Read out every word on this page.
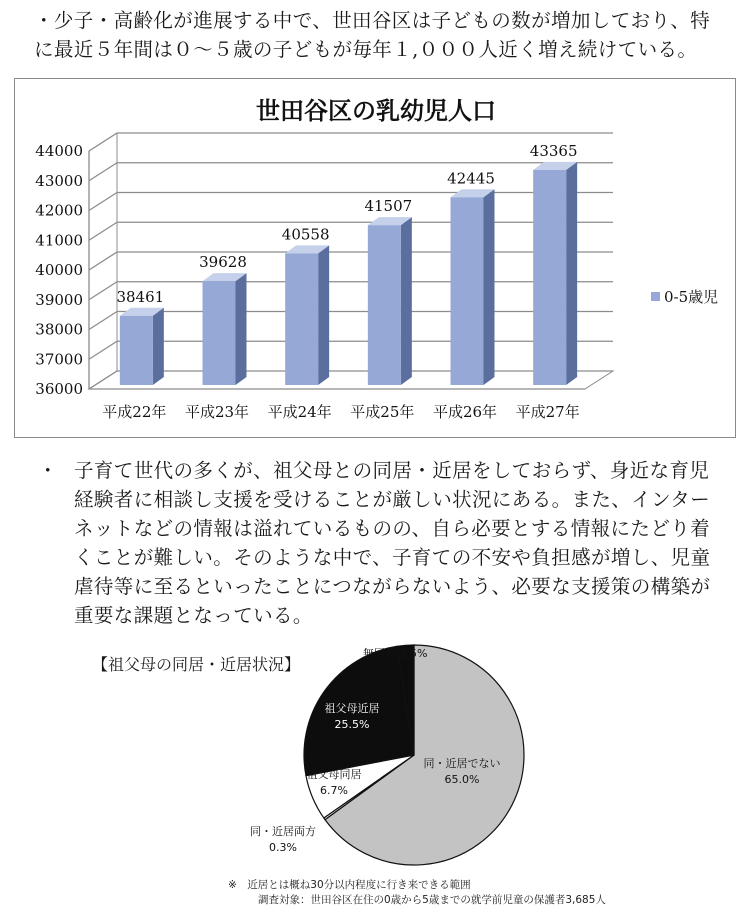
・少子・高齢化が進展する中で、世田谷区は子どもの数が増加しており、特に最近５年間は０〜５歳の子どもが毎年１,０００人近く増え続けている。

世田谷区の乳幼児人口
36000
37000
38000
39000
40000
41000
42000
43000
44000
38461
平成22年
39628
平成23年
40558
平成24年
41507
平成25年
42445
平成26年
43365
平成27年
0-5歳児
・ 子育て世代の多くが、祖父母との同居・近居をしておらず、身近な育児経験者に相談し支援を受けることが厳しい状況にある。また、インターネットなどの情報は溢れているものの、自ら必要とする情報にたどり着くことが難しい。そのような中で、子育ての不安や負担感が増し、児童虐待等に至るといったことにつながらないよう、必要な支援策の構築が重要な課題となっている。

同・近居でない
65.0%
同・近居両方
0.3%
祖父母同居
6.7%
祖父母近居
25.5%
無回答 2.5%
【祖父母の同居・近居状況】
※　近居とは概ね30分以内程度に行き来できる範囲
調査対象：世田谷区在住の0歳から5歳までの就学前児童の保護者3,685人
